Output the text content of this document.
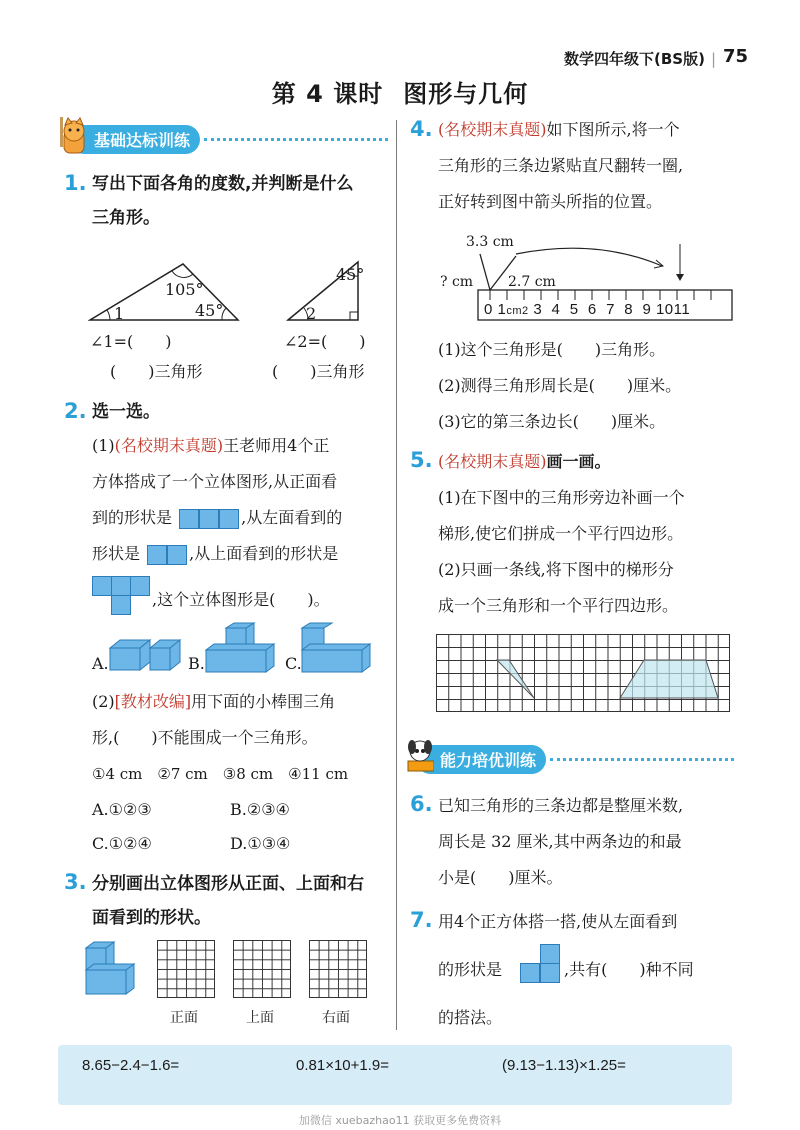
数学四年级下(BS版) | 75
第 4 课时 图形与几何
基础达标训练
1. 写出下面各角的度数,并判断是什么
三角形。
105°
45°
1
45°
2
∠1=(　　)	∠2=(　　)
(　　)三角形	(　　)三角形
2. 选一选。
(1)(名校期末真题)王老师用4个正
方体搭成了一个立体图形,从正面看
到的形状是	,从左面看到的
形状是	,从上面看到的形状是
,这个立体图形是(　　)。
A.	B.	C.
(2)[教材改编]用下面的小棒围三角
形,(　　)不能围成一个三角形。
①4 cm　②7 cm　③8 cm　④11 cm
A.①②③	B.②③④
C.①②④	D.①③④
3. 分别画出立体图形从正面、上面和右
面看到的形状。
正面	上面	右面
4. (名校期末真题)如下图所示,将一个
三角形的三条边紧贴直尺翻转一圈,
正好转到图中箭头所指的位置。
3.3 cm
2.7 cm
? cm
0 1cm2 3 4 5 6 7 8 9 1011
(1)这个三角形是(　　)三角形。
(2)测得三角形周长是(　　)厘米。
(3)它的第三条边长(　　)厘米。
5. (名校期末真题)画一画。
(1)在下图中的三角形旁边补画一个
梯形,使它们拼成一个平行四边形。
(2)只画一条线,将下图中的梯形分
成一个三角形和一个平行四边形。
能力培优训练
6. 已知三角形的三条边都是整厘米数,
周长是 32 厘米,其中两条边的和最
小是(　　)厘米。
7. 用4个正方体搭一搭,使从左面看到
的形状是	,共有(　　)种不同
的搭法。
8.65−2.4−1.6=	0.81×10+1.9=	(9.13−1.13)×1.25=
加微信 xuebazhao11 获取更多免费资料
